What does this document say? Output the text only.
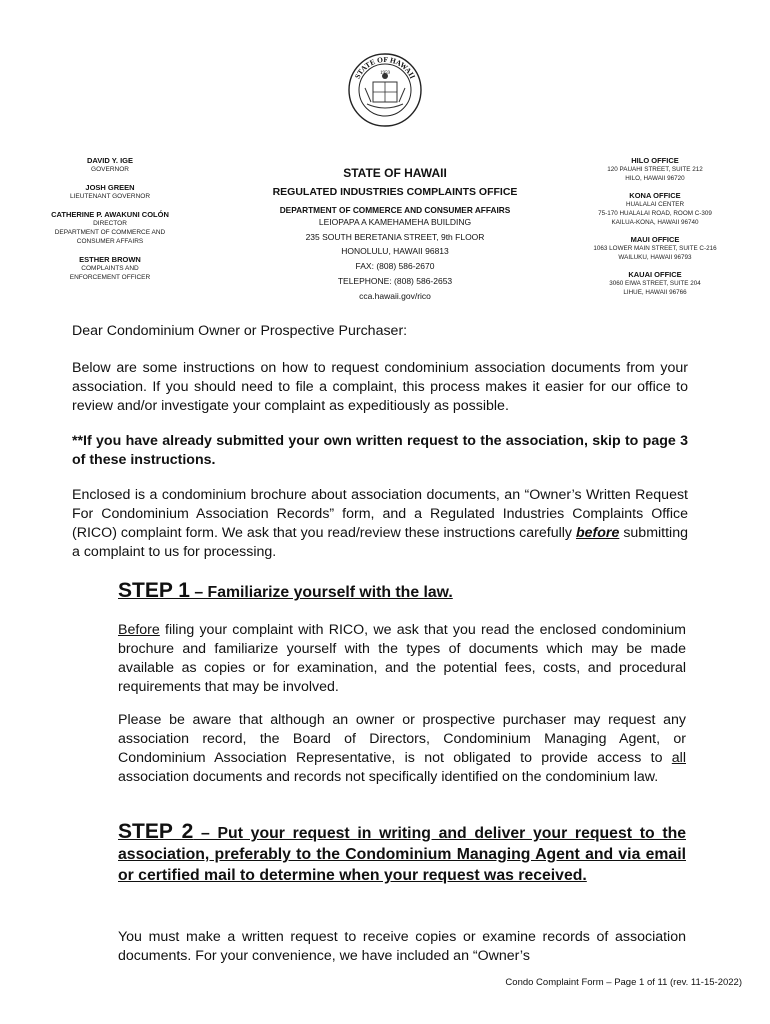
STATE OF HAWAII
1959
DAVID Y. IGE
GOVERNOR
JOSH GREEN
LIEUTENANT GOVERNOR
CATHERINE P. AWAKUNI COLÓN
DIRECTOR
DEPARTMENT OF COMMERCE AND
CONSUMER AFFAIRS
ESTHER BROWN
COMPLAINTS AND
ENFORCEMENT OFFICER
STATE OF HAWAII
REGULATED INDUSTRIES COMPLAINTS OFFICE
DEPARTMENT OF COMMERCE AND CONSUMER AFFAIRS
LEIOPAPA A KAMEHAMEHA BUILDING
235 SOUTH BERETANIA STREET, 9th FLOOR
HONOLULU, HAWAII 96813
FAX: (808) 586-2670
TELEPHONE: (808) 586-2653
cca.hawaii.gov/rico
HILO OFFICE
120 PAUAHI STREET, SUITE 212
HILO, HAWAII 96720
KONA OFFICE
HUALALAI CENTER
75-170 HUALALAI ROAD, ROOM C-309
KAILUA-KONA, HAWAII 96740
MAUI OFFICE
1063 LOWER MAIN STREET, SUITE C-216
WAILUKU, HAWAII 96793
KAUAI OFFICE
3060 EIWA STREET, SUITE 204
LIHUE, HAWAII 96766
Dear Condominium Owner or Prospective Purchaser:
Below are some instructions on how to request condominium association documents from your association. If you should need to file a complaint, this process makes it easier for our office to review and/or investigate your complaint as expeditiously as possible.
**If you have already submitted your own written request to the association, skip to page 3 of these instructions.
Enclosed is a condominium brochure about association documents, an “Owner’s Written Request For Condominium Association Records” form, and a Regulated Industries Complaints Office (RICO) complaint form. We ask that you read/review these instructions carefully before submitting a complaint to us for processing.
STEP 1 – Familiarize yourself with the law.
Before filing your complaint with RICO, we ask that you read the enclosed condominium brochure and familiarize yourself with the types of documents which may be made available as copies or for examination, and the potential fees, costs, and procedural requirements that may be involved.
Please be aware that although an owner or prospective purchaser may request any association record, the Board of Directors, Condominium Managing Agent, or Condominium Association Representative, is not obligated to provide access to all association documents and records not specifically identified on the condominium law.
STEP 2 – Put your request in writing and deliver your request to the association, preferably to the Condominium Managing Agent and via email or certified mail to determine when your request was received.
You must make a written request to receive copies or examine records of association documents. For your convenience, we have included an “Owner’s
Condo Complaint Form – Page 1 of 11 (rev. 11-15-2022)
